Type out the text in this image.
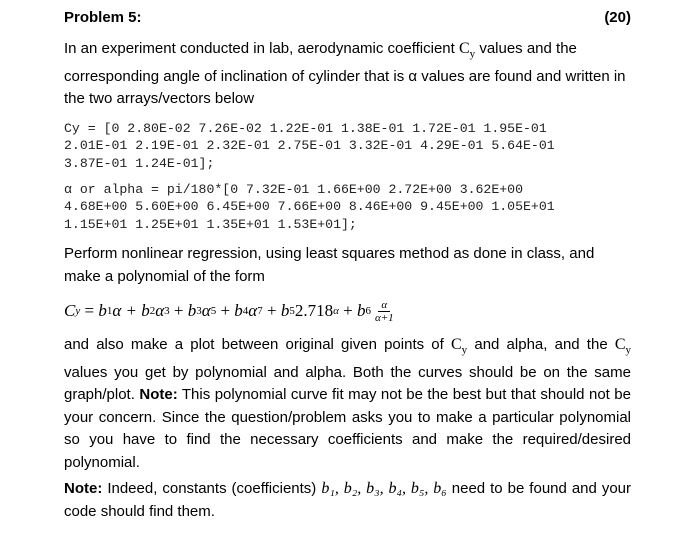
Problem 5:	(20)
In an experiment conducted in lab, aerodynamic coefficient $C_y$ values and the corresponding angle of inclination of cylinder that is α values are found and written in the two arrays/vectors below
Cy = [0 2.80E-02 7.26E-02 1.22E-01 1.38E-01 1.72E-01 1.95E-01
2.01E-01 2.19E-01 2.32E-01 2.75E-01 3.32E-01 4.29E-01 5.64E-01
3.87E-01 1.24E-01];
α or alpha = pi/180*[0 7.32E-01 1.66E+00 2.72E+00 3.62E+00
4.68E+00 5.60E+00 6.45E+00 7.66E+00 8.46E+00 9.45E+00 1.05E+01
1.15E+01 1.25E+01 1.35E+01 1.53E+01];
Perform nonlinear regression, using least squares method as done in class, and make a polynomial of the form
C y = b 1 α + b 2 α 3 + b 3 α 5 + b 4 α 7 + b 5 2.718 α + b $6 \frac{\alpha}{\alpha+1}$
and also make a plot between original given points of $C_y$ and alpha, and the $C_y$ values you get by polynomial and alpha. Both the curves should be on the same graph/plot. Note: This polynomial curve fit may not be the best but that should not be your concern. Since the question/problem asks you to make a particular polynomial so you have to find the necessary coefficients and make the required/desired polynomial.
Note: Indeed, constants (coefficients) b₁, b₂, b₃, b₄, b₅, b₆ need to be found and your code should find them.
